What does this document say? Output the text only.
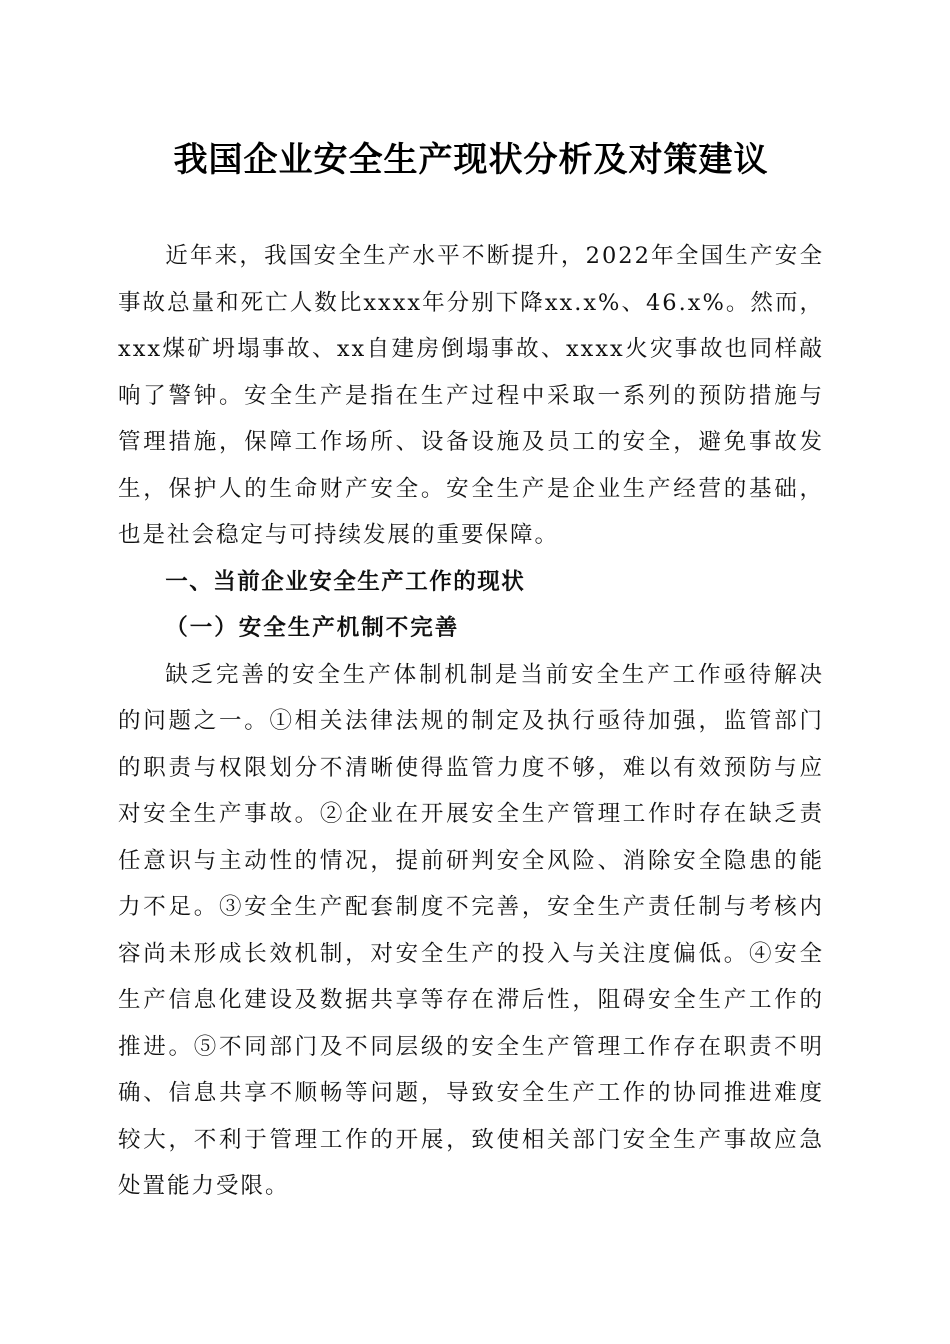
我国企业安全生产现状分析及对策建议

近年来，我国安全生产水平不断提升，2022年全国生产安全事故总量和死亡人数比xxxx年分别下降xx.x%、46.x%。然而，xxx煤矿坍塌事故、xx自建房倒塌事故、xxxx火灾事故也同样敲响了警钟。安全生产是指在生产过程中采取一系列的预防措施与管理措施，保障工作场所、设备设施及员工的安全，避免事故发生，保护人的生命财产安全。安全生产是企业生产经营的基础，也是社会稳定与可持续发展的重要保障。

一、当前企业安全生产工作的现状
（一）安全生产机制不完善

缺乏完善的安全生产体制机制是当前安全生产工作亟待解决的问题之一。①相关法律法规的制定及执行亟待加强，监管部门的职责与权限划分不清晰使得监管力度不够，难以有效预防与应对安全生产事故。②企业在开展安全生产管理工作时存在缺乏责任意识与主动性的情况，提前研判安全风险、消除安全隐患的能力不足。③安全生产配套制度不完善，安全生产责任制与考核内容尚未形成长效机制，对安全生产的投入与关注度偏低。④安全生产信息化建设及数据共享等存在滞后性，阻碍安全生产工作的推进。⑤不同部门及不同层级的安全生产管理工作存在职责不明确、信息共享不顺畅等问题，导致安全生产工作的协同推进难度较大，不利于管理工作的开展，致使相关部门安全生产事故应急处置能力受限。
